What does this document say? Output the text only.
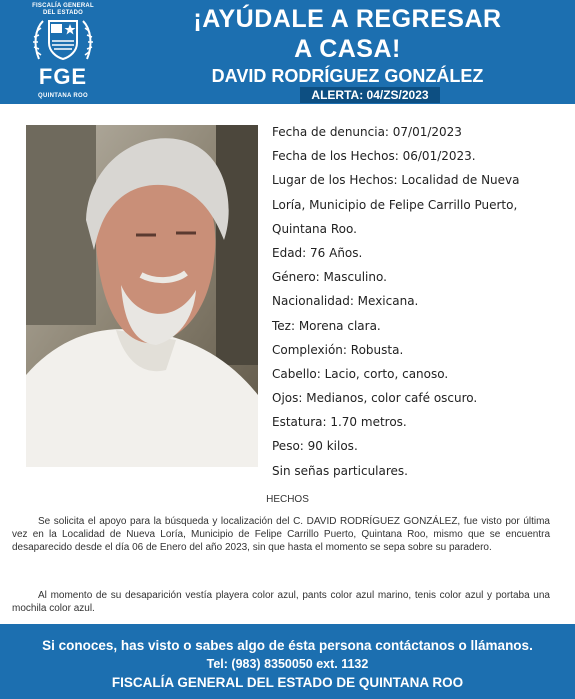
FISCALÍA GENERAL
DEL ESTADO
FGE
QUINTANA ROO
¡AYÚDALE A REGRESAR
A CASA!
DAVID RODRÍGUEZ GONZÁLEZ
ALERTA: 04/ZS/2023
Fecha de denuncia: 07/01/2023
Fecha de los Hechos: 06/01/2023.
Lugar de los Hechos: Localidad de Nueva
Loría, Municipio de Felipe Carrillo Puerto,
Quintana Roo.
Edad: 76 Años.
Género: Masculino.
Nacionalidad: Mexicana.
Tez: Morena clara.
Complexión: Robusta.
Cabello: Lacio, corto, canoso.
Ojos: Medianos, color café oscuro.
Estatura: 1.70 metros.
Peso: 90 kilos.
Sin señas particulares.
HECHOS
Se solicita el apoyo para la búsqueda y localización del C. DAVID RODRÍGUEZ GONZÁLEZ, fue visto por última vez en la Localidad de Nueva Loría, Municipio de Felipe Carrillo Puerto, Quintana Roo, mismo que se encuentra desaparecido desde el día 06 de Enero del año 2023, sin que hasta el momento se sepa sobre su paradero.
Al momento de su desaparición vestía playera color azul, pants color azul marino, tenis color azul y portaba una mochila color azul.
Si conoces, has visto o sabes algo de ésta persona contáctanos o llámanos.
Tel: (983) 8350050 ext. 1132
FISCALÍA GENERAL DEL ESTADO DE QUINTANA ROO
